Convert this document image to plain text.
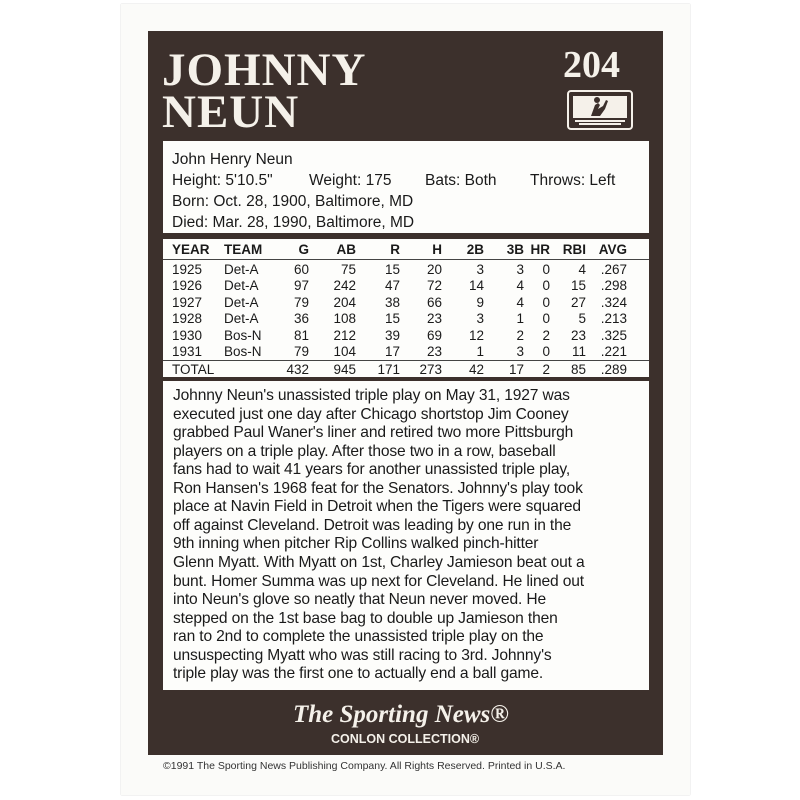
JOHNNY
NEUN
204
John Henry Neun
Height: 5'10.5" Weight: 175 Bats: Both Throws: Left
Born: Oct. 28, 1900, Baltimore, MD
Died: Mar. 28, 1990, Baltimore, MD
YEAR TEAM	G	AB	R	H	2B	3B HR RBI AVG
1925 Det-A	60	75	15	20	3	3	0	4	.267
1926 Det-A	97	242	47	72	14	4	0	15	.298
1927 Det-A	79	204	38	66	9	4	0	27	.324
1928 Det-A	36	108	15	23	3	1	0	5	.213
1930 Bos-N	81	212	39	69	12	2	2	23	.325
1931 Bos-N	79	104	17	23	1	3	0	11	.221
TOTAL	432	945	171	273	42	17	2	85	.289
Johnny Neun's unassisted triple play on May 31, 1927 was
executed just one day after Chicago shortstop Jim Cooney
grabbed Paul Waner's liner and retired two more Pittsburgh
players on a triple play. After those two in a row, baseball
fans had to wait 41 years for another unassisted triple play,
Ron Hansen's 1968 feat for the Senators. Johnny's play took
place at Navin Field in Detroit when the Tigers were squared
off against Cleveland. Detroit was leading by one run in the
9th inning when pitcher Rip Collins walked pinch-hitter
Glenn Myatt. With Myatt on 1st, Charley Jamieson beat out a
bunt. Homer Summa was up next for Cleveland. He lined out
into Neun's glove so neatly that Neun never moved. He
stepped on the 1st base bag to double up Jamieson then
ran to 2nd to complete the unassisted triple play on the
unsuspecting Myatt who was still racing to 3rd. Johnny's
triple play was the first one to actually end a ball game.
The Sporting News®
CONLON COLLECTION®
©1991 The Sporting News Publishing Company. All Rights Reserved. Printed in U.S.A.
